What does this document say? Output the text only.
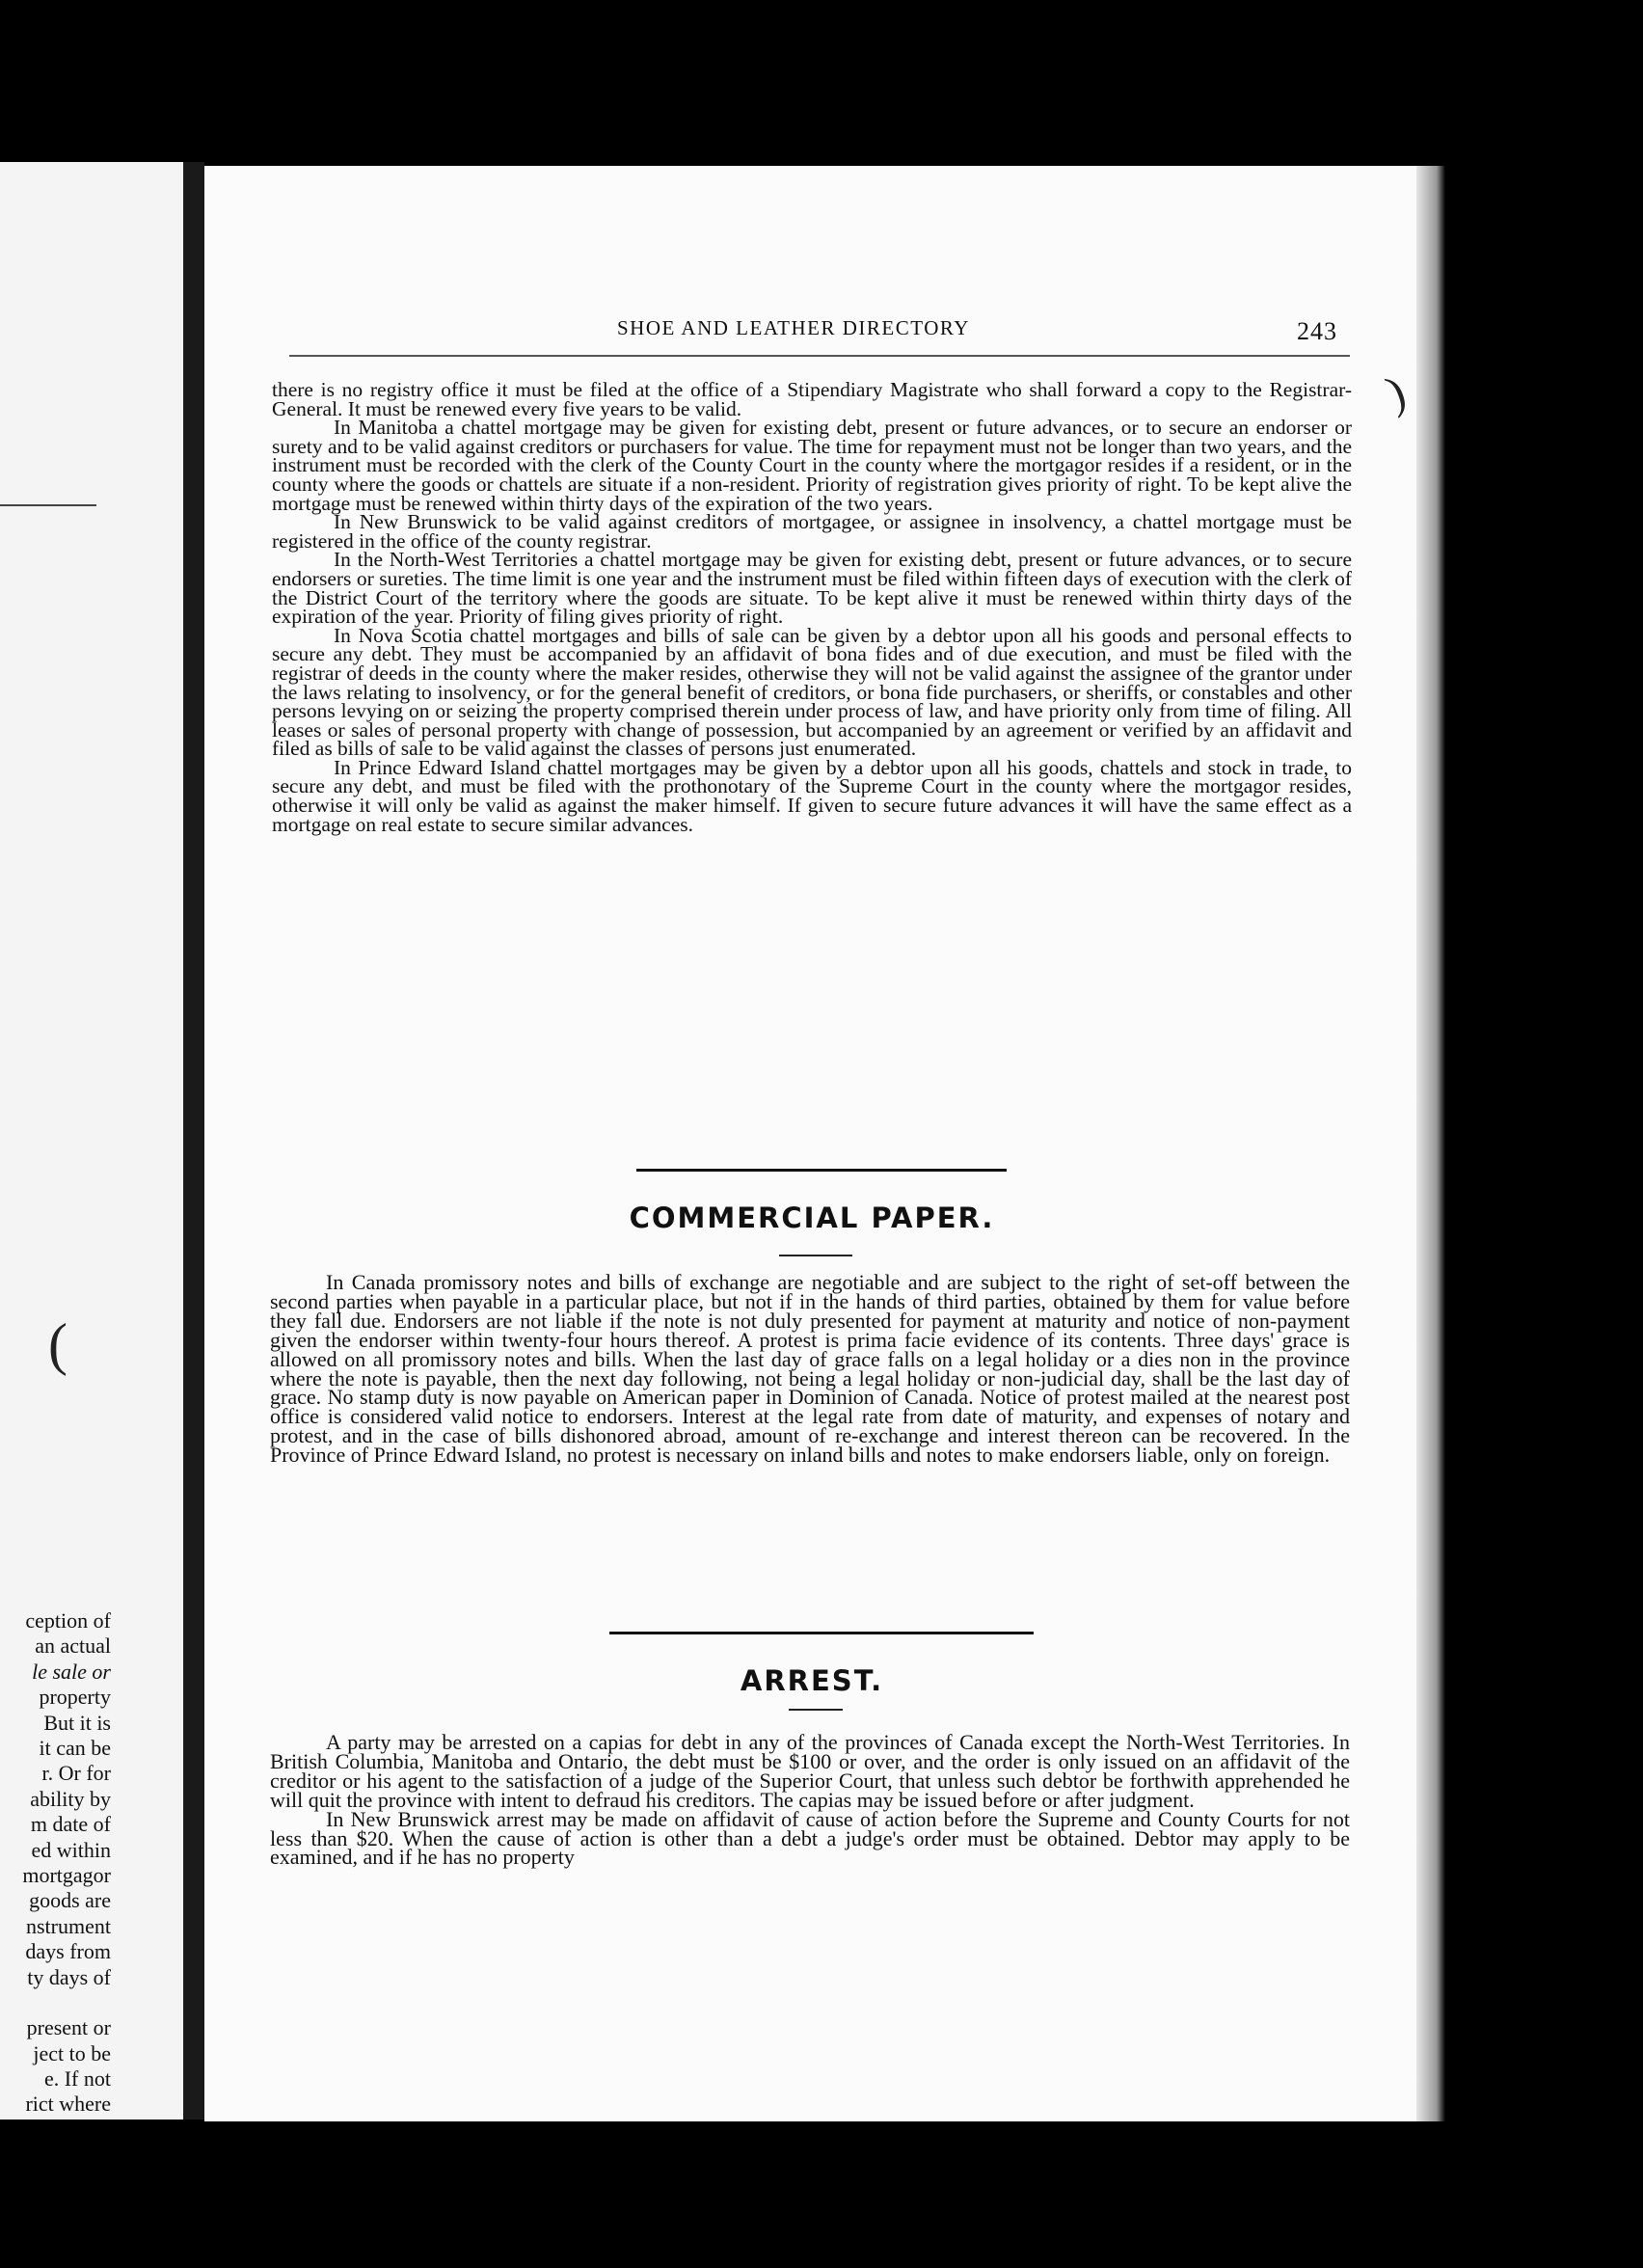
ception of
an actual
le sale or
property
But it is
it can be
r. Or for
ability by
m date of
ed within
mortgagor
goods are
nstrument
days from
ty days of
present or
ject to be
e. If not
rict where
SHOE AND LEATHER DIRECTORY	243

there is no registry office it must be filed at the office of a Stipendiary Magistrate who shall forward a copy to the Registrar-General. It must be renewed every five years to be valid.

In Manitoba a chattel mortgage may be given for existing debt, present or future advances, or to secure an endorser or surety and to be valid against creditors or purchasers for value. The time for repayment must not be longer than two years, and the instrument must be recorded with the clerk of the County Court in the county where the mortgagor resides if a resident, or in the county where the goods or chattels are situate if a non-resident. Priority of registration gives priority of right. To be kept alive the mortgage must be renewed within thirty days of the expiration of the two years.

In New Brunswick to be valid against creditors of mortgagee, or assignee in insolvency, a chattel mortgage must be registered in the office of the county registrar.

In the North-West Territories a chattel mortgage may be given for existing debt, present or future advances, or to secure endorsers or sureties. The time limit is one year and the instrument must be filed within fifteen days of execution with the clerk of the District Court of the territory where the goods are situate. To be kept alive it must be renewed within thirty days of the expiration of the year. Priority of filing gives priority of right.

In Nova Scotia chattel mortgages and bills of sale can be given by a debtor upon all his goods and personal effects to secure any debt. They must be accompanied by an affidavit of bona fides and of due execution, and must be filed with the registrar of deeds in the county where the maker resides, otherwise they will not be valid against the assignee of the grantor under the laws relating to insolvency, or for the general benefit of creditors, or bona fide purchasers, or sheriffs, or constables and other persons levying on or seizing the property comprised therein under process of law, and have priority only from time of filing. All leases or sales of personal property with change of possession, but accompanied by an agreement or verified by an affidavit and filed as bills of sale to be valid against the classes of persons just enumerated.

In Prince Edward Island chattel mortgages may be given by a debtor upon all his goods, chattels and stock in trade, to secure any debt, and must be filed with the prothonotary of the Supreme Court in the county where the mortgagor resides, otherwise it will only be valid as against the maker himself. If given to secure future advances it will have the same effect as a mortgage on real estate to secure similar advances.

COMMERCIAL PAPER.

In Canada promissory notes and bills of exchange are negotiable and are subject to the right of set-off between the second parties when payable in a particular place, but not if in the hands of third parties, obtained by them for value before they fall due. Endorsers are not liable if the note is not duly presented for payment at maturity and notice of non-payment given the endorser within twenty-four hours thereof. A protest is prima facie evidence of its contents. Three days' grace is allowed on all promissory notes and bills. When the last day of grace falls on a legal holiday or a dies non in the province where the note is payable, then the next day following, not being a legal holiday or non-judicial day, shall be the last day of grace. No stamp duty is now payable on American paper in Dominion of Canada. Notice of protest mailed at the nearest post office is considered valid notice to endorsers. Interest at the legal rate from date of maturity, and expenses of notary and protest, and in the case of bills dishonored abroad, amount of re-exchange and interest thereon can be recovered. In the Province of Prince Edward Island, no protest is necessary on inland bills and notes to make endorsers liable, only on foreign.

ARREST.

A party may be arrested on a capias for debt in any of the provinces of Canada except the North-West Territories. In British Columbia, Manitoba and Ontario, the debt must be $100 or over, and the order is only issued on an affidavit of the creditor or his agent to the satisfaction of a judge of the Superior Court, that unless such debtor be forthwith apprehended he will quit the province with intent to defraud his creditors. The capias may be issued before or after judgment.

In New Brunswick arrest may be made on affidavit of cause of action before the Supreme and County Courts for not less than $20. When the cause of action is other than a debt a judge's order must be obtained. Debtor may apply to be examined, and if he has no property

)
(
